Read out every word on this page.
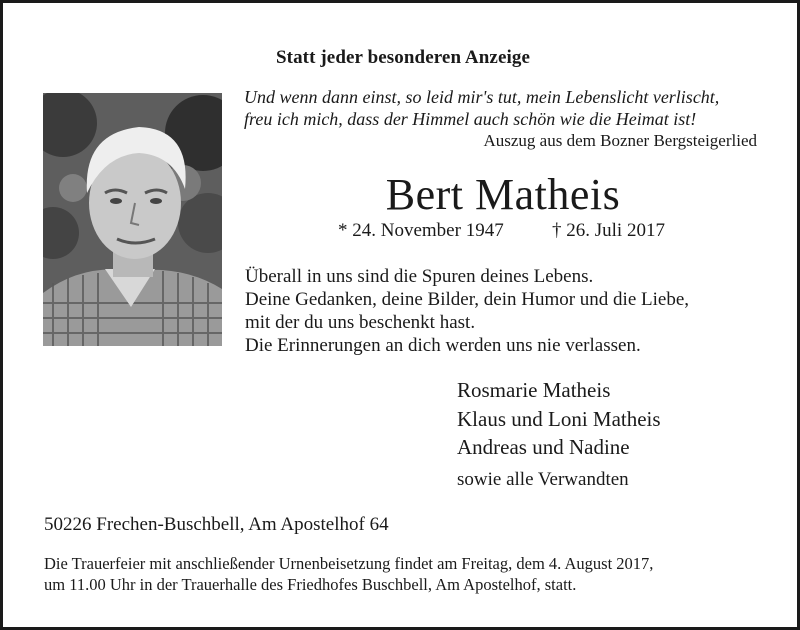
Statt jeder besonderen Anzeige

Und wenn dann einst, so leid mir's tut, mein Lebenslicht verlischt,

freu ich mich, dass der Himmel auch schön wie die Heimat ist!

Auszug aus dem Bozner Bergsteigerlied

Bert Matheis

* 24. November 1947	† 26. Juli 2017

Überall in uns sind die Spuren deines Lebens.

Deine Gedanken, deine Bilder, dein Humor und die Liebe,

mit der du uns beschenkt hast.

Die Erinnerungen an dich werden uns nie verlassen.

Rosmarie Matheis

Klaus und Loni Matheis

Andreas und Nadine

sowie alle Verwandten

50226 Frechen-Buschbell, Am Apostelhof 64

Die Trauerfeier mit anschließender Urnenbeisetzung findet am Freitag, dem 4. August 2017,

um 11.00 Uhr in der Trauerhalle des Friedhofes Buschbell, Am Apostelhof, statt.
